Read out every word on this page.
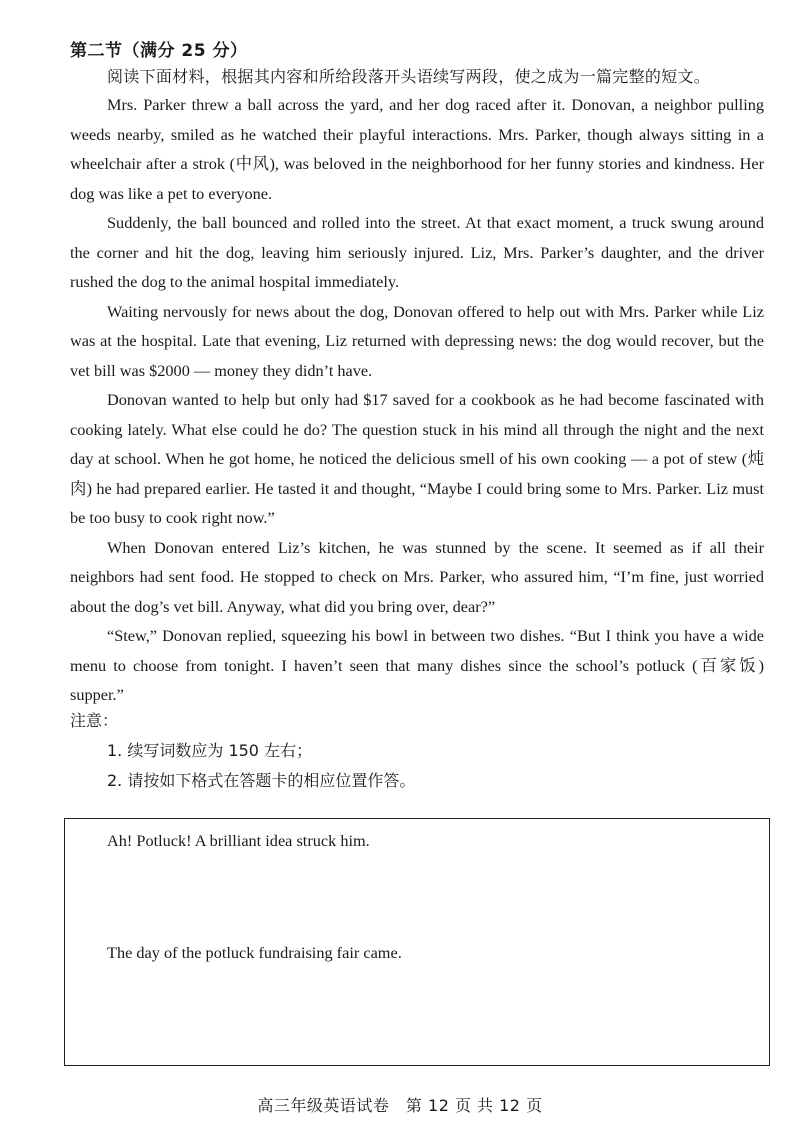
第二节（满分 25 分）
阅读下面材料，根据其内容和所给段落开头语续写两段，使之成为一篇完整的短文。

Mrs. Parker threw a ball across the yard, and her dog raced after it. Donovan, a neighbor pulling weeds nearby, smiled as he watched their playful interactions. Mrs. Parker, though always sitting in a wheelchair after a strok (中风), was beloved in the neighborhood for her funny stories and kindness. Her dog was like a pet to everyone.

Suddenly, the ball bounced and rolled into the street. At that exact moment, a truck swung around the corner and hit the dog, leaving him seriously injured. Liz, Mrs. Parker’s daughter, and the driver rushed the dog to the animal hospital immediately.

Waiting nervously for news about the dog, Donovan offered to help out with Mrs. Parker while Liz was at the hospital. Late that evening, Liz returned with depressing news: the dog would recover, but the vet bill was $2000 — money they didn’t have.

Donovan wanted to help but only had $17 saved for a cookbook as he had become fascinated with cooking lately. What else could he do? The question stuck in his mind all through the night and the next day at school. When he got home, he noticed the delicious smell of his own cooking — a pot of stew (炖肉) he had prepared earlier. He tasted it and thought, “Maybe I could bring some to Mrs. Parker. Liz must be too busy to cook right now.”

When Donovan entered Liz’s kitchen, he was stunned by the scene. It seemed as if all their neighbors had sent food. He stopped to check on Mrs. Parker, who assured him, “I’m fine, just worried about the dog’s vet bill. Anyway, what did you bring over, dear?”

“Stew,” Donovan replied, squeezing his bowl in between two dishes. “But I think you have a wide menu to choose from tonight. I haven’t seen that many dishes since the school’s potluck (百家饭) supper.”

注意：
1. 续写词数应为 150 左右；
2. 请按如下格式在答题卡的相应位置作答。
Ah! Potluck! A brilliant idea struck him.
The day of the potluck fundraising fair came.
高三年级英语试卷　第 12 页 共 12 页
